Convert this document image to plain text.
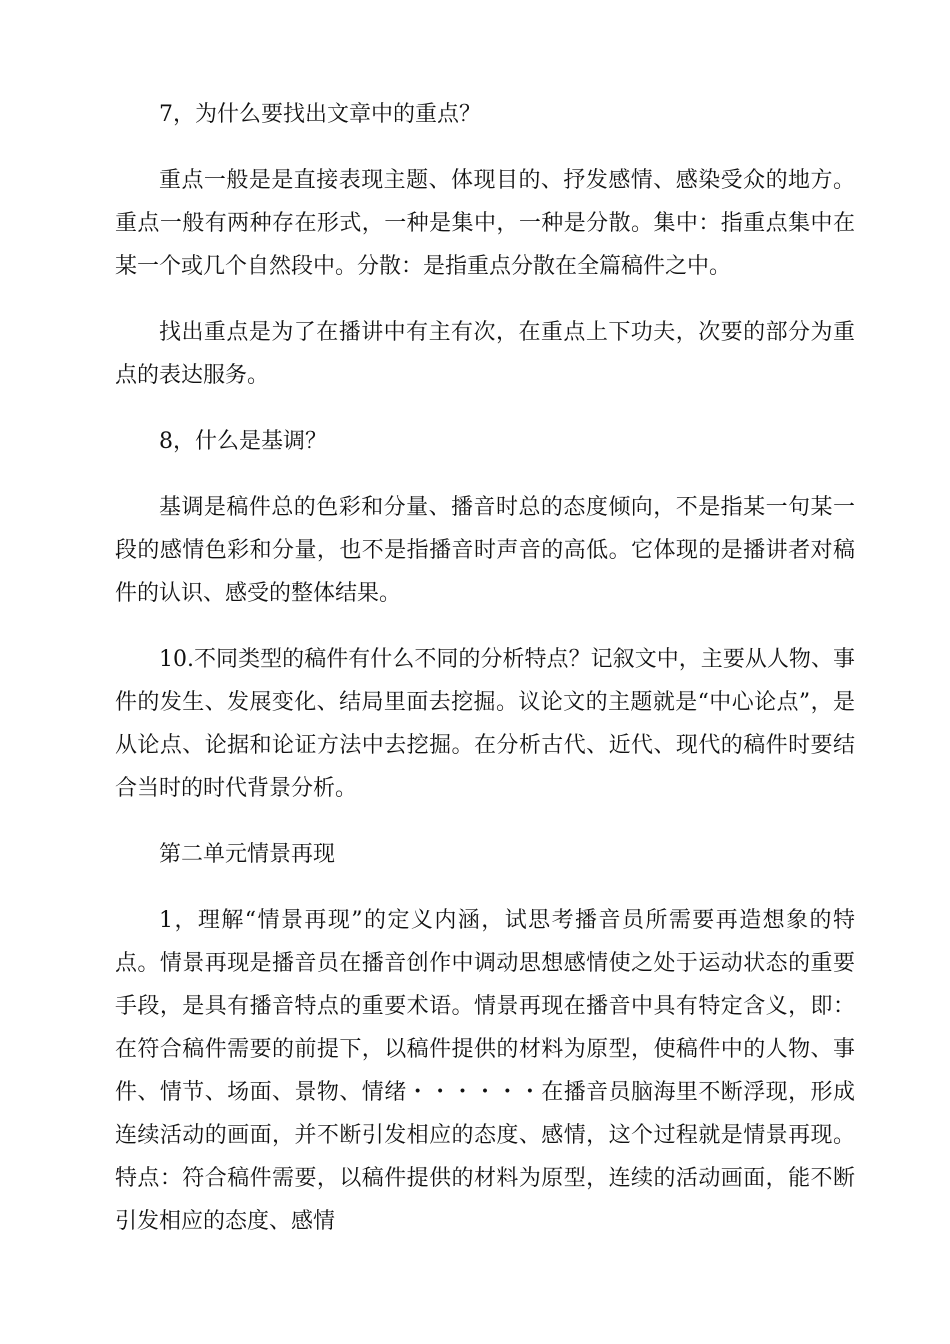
7，为什么要找出文章中的重点？

重点一般是是直接表现主题、体现目的、抒发感情、感染受众的地方。重点一般有两种存在形式，一种是集中，一种是分散。集中：指重点集中在某一个或几个自然段中。分散：是指重点分散在全篇稿件之中。

找出重点是为了在播讲中有主有次，在重点上下功夫，次要的部分为重点的表达服务。

8，什么是基调？

基调是稿件总的色彩和分量、播音时总的态度倾向，不是指某一句某一段的感情色彩和分量，也不是指播音时声音的高低。它体现的是播讲者对稿件的认识、感受的整体结果。

10.不同类型的稿件有什么不同的分析特点？记叙文中，主要从人物、事件的发生、发展变化、结局里面去挖掘。议论文的主题就是“中心论点”，是从论点、论据和论证方法中去挖掘。在分析古代、近代、现代的稿件时要结合当时的时代背景分析。

第二单元情景再现

1，理解“情景再现”的定义内涵，试思考播音员所需要再造想象的特点。情景再现是播音员在播音创作中调动思想感情使之处于运动状态的重要手段，是具有播音特点的重要术语。情景再现在播音中具有特定含义，即：在符合稿件需要的前提下，以稿件提供的材料为原型，使稿件中的人物、事件、情节、场面、景物、情绪・・・・・・在播音员脑海里不断浮现，形成连续活动的画面，并不断引发相应的态度、感情，这个过程就是情景再现。特点：符合稿件需要，以稿件提供的材料为原型，连续的活动画面，能不断引发相应的态度、感情
